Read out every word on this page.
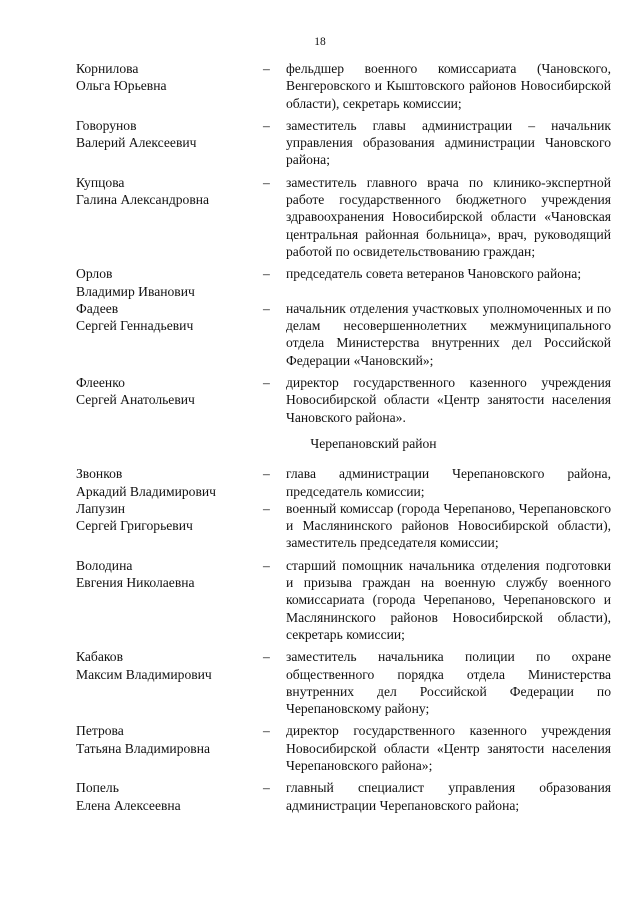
18
Корнилова
Ольга Юрьевна
–	фельдшер военного комиссариата (Чановского, Венгеровского и Кыштовского районов Новосибирской области), секретарь комиссии;
Говорунов
Валерий Алексеевич
–	заместитель главы администрации – начальник управления образования администрации Чановского района;
Купцова
Галина Александровна
–	заместитель главного врача по клинико-экспертной работе государственного бюджетного учреждения здравоохранения Новосибирской области «Чановская центральная районная больница», врач, руководящий работой по освидетельствованию граждан;
Орлов
Владимир Иванович
–	председатель совета ветеранов Чановского района;
Фадеев
Сергей Геннадьевич
–	начальник отделения участковых уполномоченных и по делам несовершеннолетних межмуниципального отдела Министерства внутренних дел Российской Федерации «Чановский»;
Флеенко
Сергей Анатольевич
–	директор государственного казенного учреждения Новосибирской области «Центр занятости населения Чановского района».
Черепановский район
Звонков
Аркадий Владимирович
–	глава администрации Черепановского района, председатель комиссии;
Лапузин
Сергей Григорьевич
–	военный комиссар (города Черепаново, Черепановского и Маслянинского районов Новосибирской области), заместитель председателя комиссии;
Володина
Евгения Николаевна
–	старший помощник начальника отделения подготовки и призыва граждан на военную службу военного комиссариата (города Черепаново, Черепановского и Маслянинского районов Новосибирской области), секретарь комиссии;
Кабаков
Максим Владимирович
–	заместитель начальника полиции по охране общественного порядка отдела Министерства внутренних дел Российской Федерации по Черепановскому району;
Петрова
Татьяна Владимировна
–	директор государственного казенного учреждения Новосибирской области «Центр занятости населения Черепановского района»;
Попель
Елена Алексеевна
–	главный специалист управления образования администрации Черепановского района;
